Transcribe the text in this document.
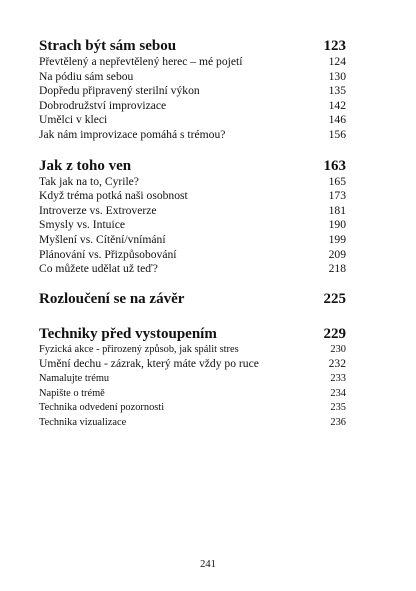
Strach být sám sebou	123
Převtělený a nepřevtělený herec – mé pojetí	124
Na pódiu sám sebou	130
Dopředu připravený sterilní výkon	135
Dobrodružství improvizace	142
Umělci v kleci	146
Jak nám improvizace pomáhá s trémou?	156
Jak z toho ven	163
Tak jak na to, Cyrile?	165
Když tréma potká naši osobnost	173
Introverze vs. Extroverze	181
Smysly vs. Intuice	190
Myšlení vs. Cítění/vnímání	199
Plánování vs. Přizpůsobování	209
Co můžete udělat už teď?	218
Rozloučení se na závěr	225
Techniky před vystoupením	229
Fyzická akce - přirozený způsob, jak spálit stres	230
Umění dechu - zázrak, který máte vždy po ruce	232
Namalujte trému	233
Napište o trémě	234
Technika odvedení pozornosti	235
Technika vizualizace	236
241
